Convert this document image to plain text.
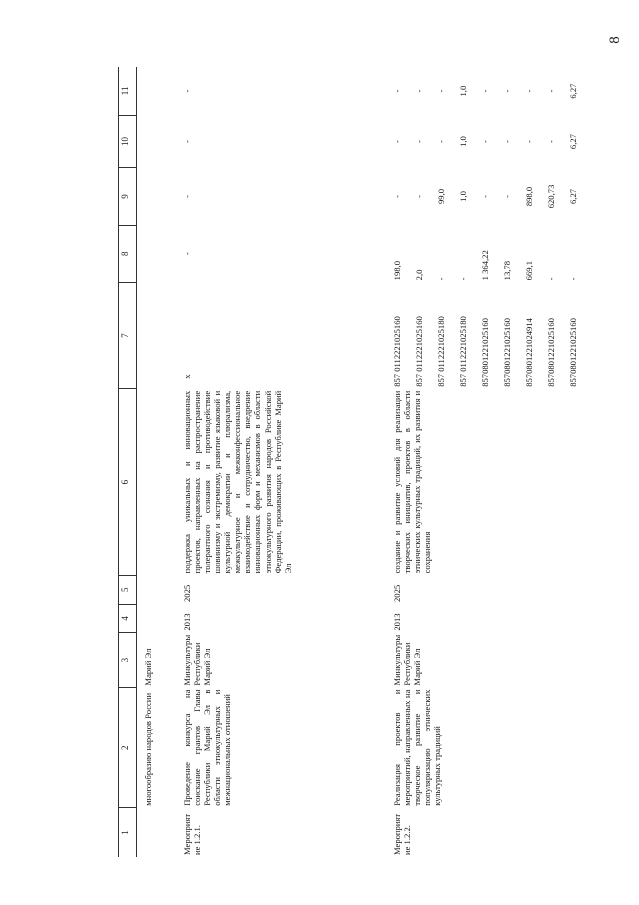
8
1	2	3	4	5	6	7	8	9	10	11
	многообразию народов России	Марий Эл								
Мероприятие 1.2.1.	Проведение конкурса на соискание грантов Главы Республики Марий Эл в области этнокультурных и межнациональных отношений	Минкультуры Республики Марий Эл	2013	2025	поддержка уникальных и инновационных проектов, направленных на распространение толерантного сознания и противодействие шовинизму и экстремизму, развитие языковой и культурной демократии и плюрализма, межкультурное и межконфессиональное взаимодействие и сотрудничество, внедрение инновационных форм и механизмов в области этнокультурного развития народов Российской Федерации, проживающих в Республике Марий Эл	x	-	-	-	-
Мероприятие 1.2.2.	Реализация проектов и мероприятий, направленных на творческое развитие и популяризацию этнических культурных традиций	Минкультуры Республики Марий Эл	2013	2025	создание и развитие условий для реализации творческих инициатив, проектов в области этнических культурных традиций, их развития и сохранения	857 0112221025160	198,0	-	-	-
						857 0112221025160	2,0	-	-	-
						857 0112221025180	-	99,0	-	-
						857 0112221025180	-	1,0	1,0	1,0
						8570801221025160	1 364,22	-	-	-
						8570801221025160	13,78	-	-	-
						8570801221024914	669,1	898,0	-	-
						8570801221025160	-	620,73	-	-
						8570801221025160	-	6,27	6,27	6,27
